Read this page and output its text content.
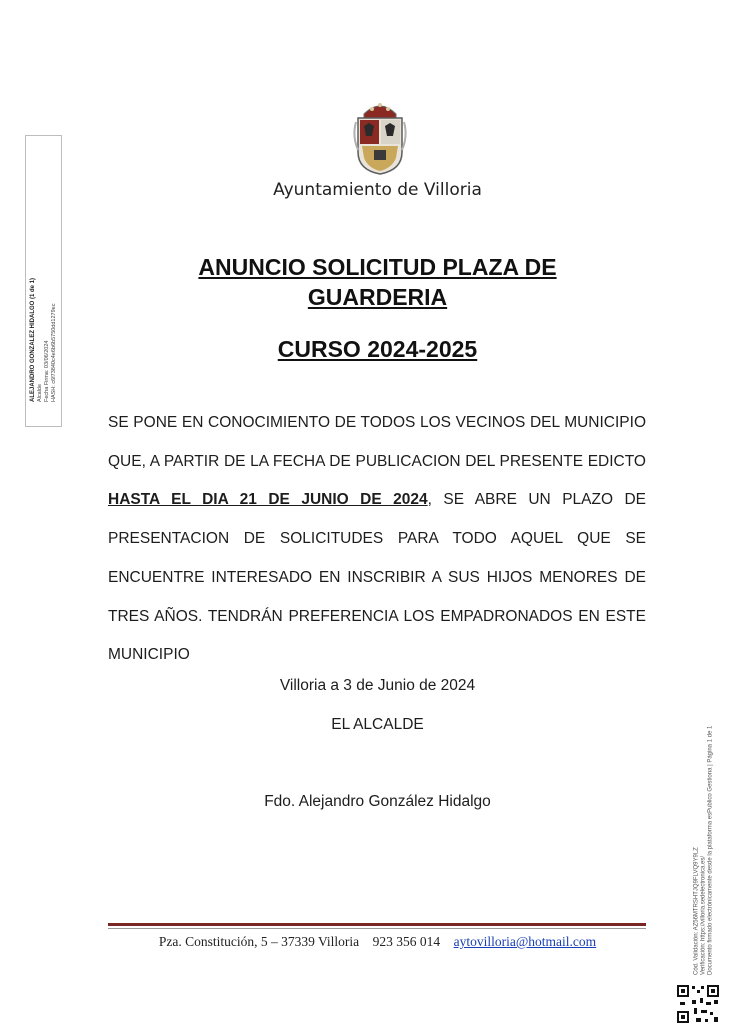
Ayuntamiento de Villoria
ANUNCIO SOLICITUD PLAZA DE GUARDERIA
CURSO 2024-2025
SE PONE EN CONOCIMIENTO DE TODOS LOS VECINOS DEL MUNICIPIO QUE, A PARTIR DE LA FECHA DE PUBLICACION DEL PRESENTE EDICTO HASTA EL DIA 21 DE JUNIO DE 2024, SE ABRE UN PLAZO DE PRESENTACION DE SOLICITUDES PARA TODO AQUEL QUE SE ENCUENTRE INTERESADO EN INSCRIBIR A SUS HIJOS MENORES DE TRES AÑOS. TENDRÁN PREFERENCIA LOS EMPADRONADOS EN ESTE MUNICIPIO
Villoria a 3 de Junio de 2024
EL ALCALDE
Fdo. Alejandro González Hidalgo
ALEJANDRO GONZALEZ HIDALGO (1 de 1) Alcalde Fecha Firma: 03/06/2024 HASH: c6f73840c4e6b6b5750dd1279ec
Cód. Validación: AZ56MTRSHTJQ9FLVQ9Y9LZ Verificación: https://villoria.sedelectronica.es/ Documento firmado electrónicamente desde la plataforma esPublico Gestiona | Página 1 de 1
Pza. Constitución, 5 – 37339 Villoria 923 356 014 aytovilloria@hotmail.com
